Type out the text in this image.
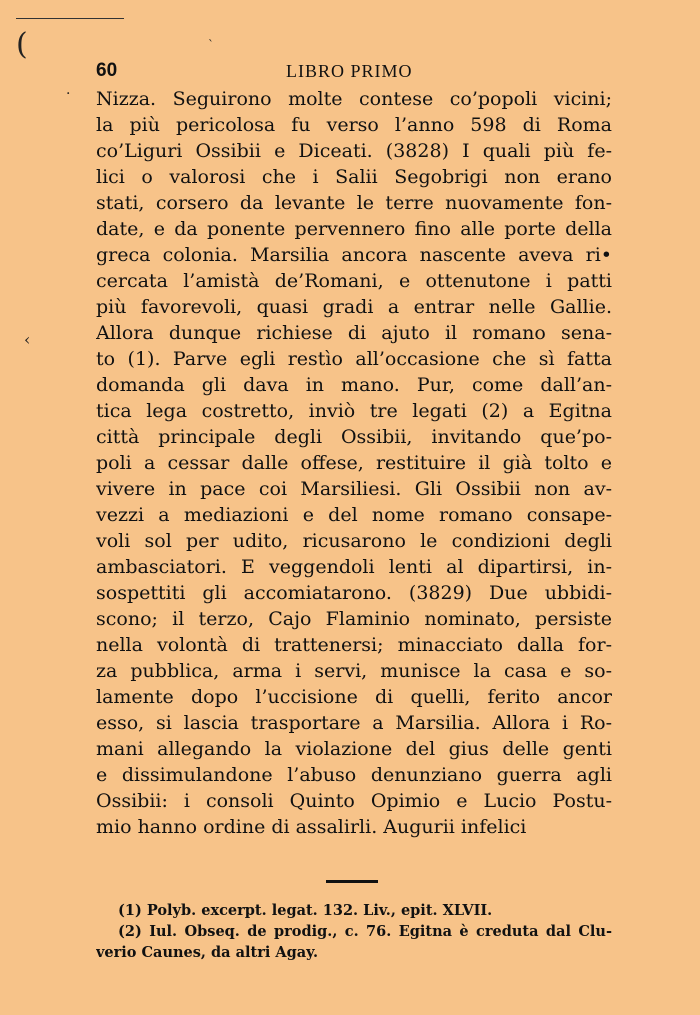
(	`
·
‹
60	LIBRO PRIMO
Nizza. Seguirono molte contese co’popoli vicini;
la più pericolosa fu verso l’anno 598 di Roma
co’Liguri Ossibii e Diceati. (3828) I quali più fe-
lici o valorosi che i Salii Segobrigi non erano
stati, corsero da levante le terre nuovamente fon-
date, e da ponente pervennero fino alle porte della
greca colonia. Marsilia ancora nascente aveva ri•
cercata l’amistà de’Romani, e ottenutone i patti
più favorevoli, quasi gradi a entrar nelle Gallie.
Allora dunque richiese di ajuto il romano sena-
to (1). Parve egli restìo all’occasione che sì fatta
domanda gli dava in mano. Pur, come dall’an-
tica lega costretto, inviò tre legati (2) a Egitna
città principale degli Ossibii, invitando que’po-
poli a cessar dalle offese, restituire il già tolto e
vivere in pace coi Marsiliesi. Gli Ossibii non av-
vezzi a mediazioni e del nome romano consape-
voli sol per udito, ricusarono le condizioni degli
ambasciatori. E veggendoli lenti al dipartirsi, in-
sospettiti gli accomiatarono. (3829) Due ubbidi-
scono; il terzo, Cajo Flaminio nominato, persiste
nella volontà di trattenersi; minacciato dalla for-
za pubblica, arma i servi, munisce la casa e so-
lamente dopo l’uccisione di quelli, ferito ancor
esso, si lascia trasportare a Marsilia. Allora i Ro-
mani allegando la violazione del gius delle genti
e dissimulandone l’abuso denunziano guerra agli
Ossibii: i consoli Quinto Opimio e Lucio Postu-
mio hanno ordine di assalirli. Augurii infelici
(1) Polyb. excerpt. legat. 132. Liv., epit. XLVII.
(2) Iul. Obseq. de prodig., c. 76. Egitna è creduta dal Clu-
verio Caunes, da altri Agay.
